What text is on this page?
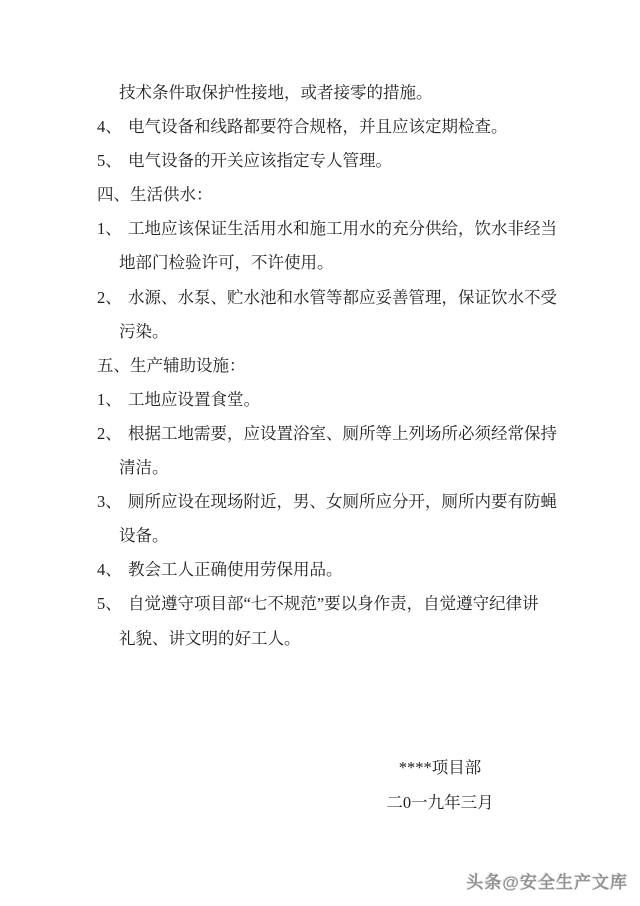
技术条件取保护性接地，或者接零的措施。
4、 电气设备和线路都要符合规格，并且应该定期检查。
5、 电气设备的开关应该指定专人管理。
四、生活供水：
1、 工地应该保证生活用水和施工用水的充分供给，饮水非经当
地部门检验许可，不许使用。
2、 水源、水泵、贮水池和水管等都应妥善管理，保证饮水不受
污染。
五、生产辅助设施：
1、 工地应设置食堂。
2、 根据工地需要，应设置浴室、厕所等上列场所必须经常保持
清洁。
3、 厕所应设在现场附近，男、女厕所应分开，厕所内要有防蝇
设备。
4、 教会工人正确使用劳保用品。
5、 自觉遵守项目部“七不规范”要以身作责，自觉遵守纪律讲
礼貌、讲文明的好工人。
****项目部
二0一九年三月
头条@安全生产文库
